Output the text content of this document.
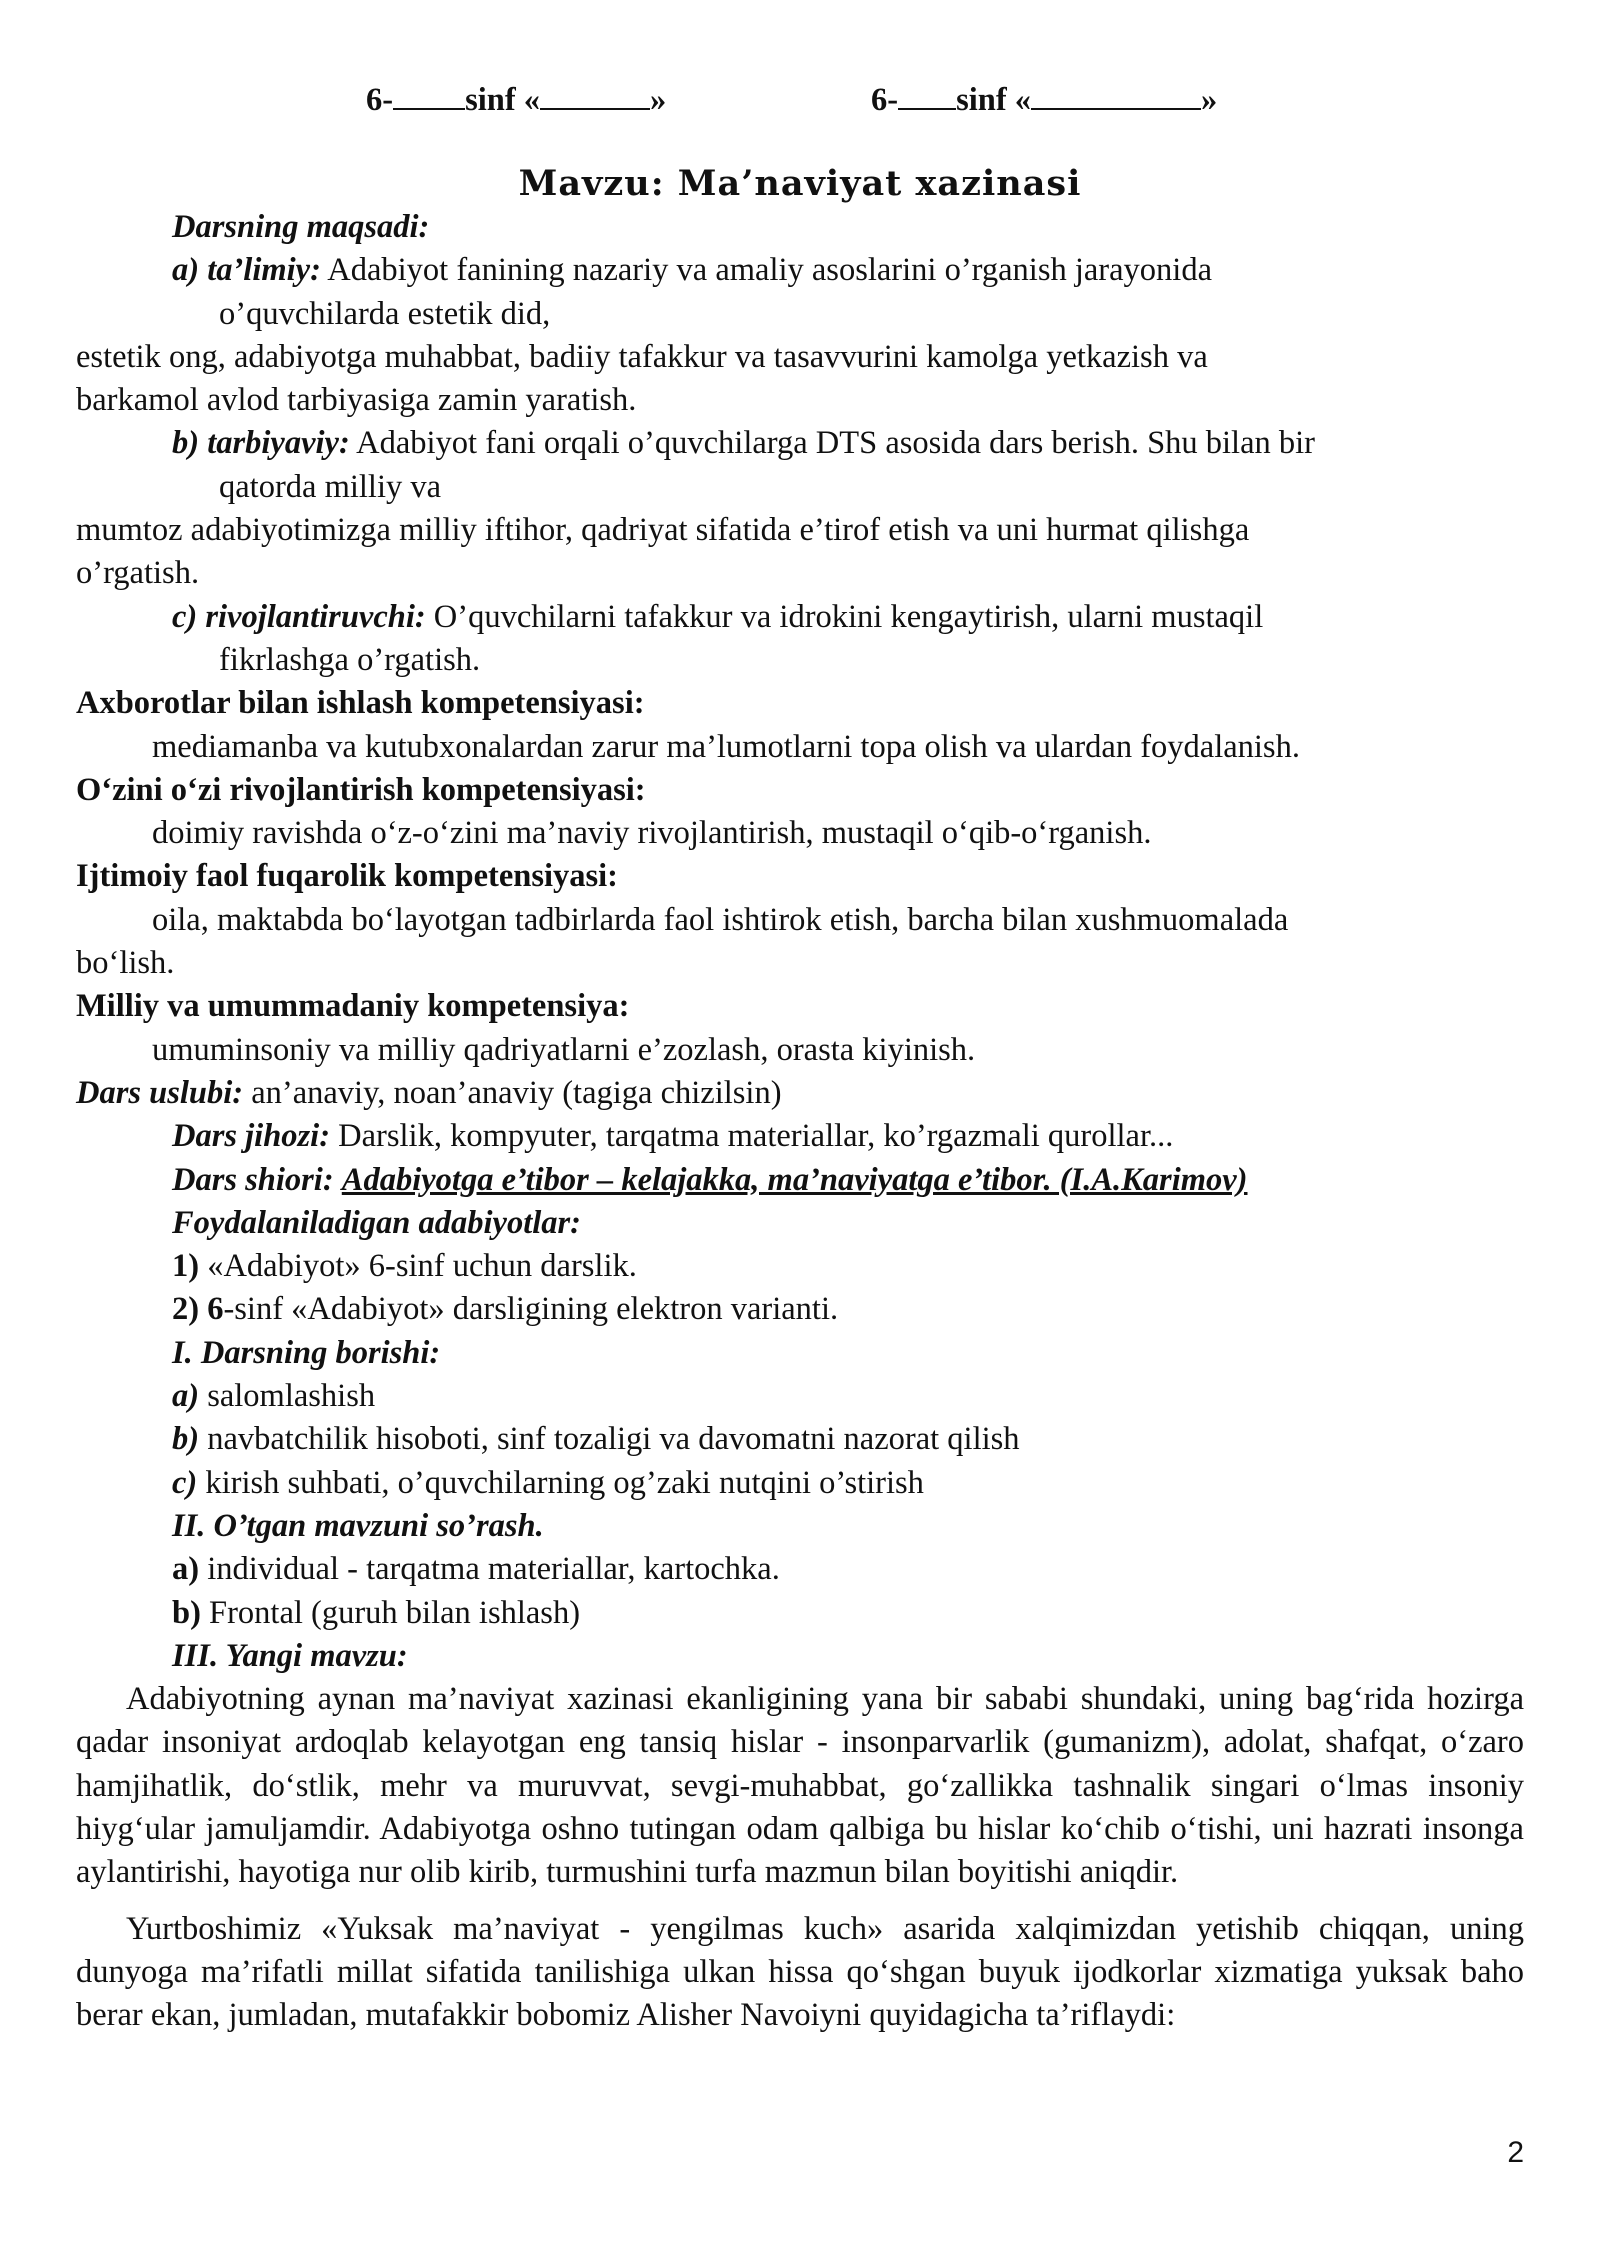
6- sinf «	»	6- sinf «	»
Mavzu: Ma’naviyat xazinasi
Darsning maqsadi:
a) ta’limiy: Adabiyot fanining nazariy va amaliy asoslarini o’rganish jarayonida
o’quvchilarda estetik did,
estetik ong, adabiyotga muhabbat, badiiy tafakkur va tasavvurini kamolga yetkazish va
barkamol avlod tarbiyasiga zamin yaratish.
b) tarbiyaviy: Adabiyot fani orqali o’quvchilarga DTS asosida dars berish. Shu bilan bir
qatorda milliy va
mumtoz adabiyotimizga milliy iftihor, qadriyat sifatida e’tirof etish va uni hurmat qilishga
o’rgatish.
c) rivojlantiruvchi: O’quvchilarni tafakkur va idrokini kengaytirish, ularni mustaqil
fikrlashga o’rgatish.
Axborotlar bilan ishlash kompetensiyasi:
mediamanba va kutubxonalardan zarur ma’lumotlarni topa olish va ulardan foydalanish.
O‘zini o‘zi rivojlantirish kompetensiyasi:
doimiy ravishda o‘z-o‘zini ma’naviy rivojlantirish, mustaqil o‘qib-o‘rganish.
Ijtimoiy faol fuqarolik kompetensiyasi:
oila, maktabda bo‘layotgan tadbirlarda faol ishtirok etish, barcha bilan xushmuomalada
bo‘lish.
Milliy va umummadaniy kompetensiya:
umuminsoniy va milliy qadriyatlarni e’zozlash, orasta kiyinish.
Dars uslubi: an’anaviy, noan’anaviy (tagiga chizilsin)
Dars jihozi: Darslik, kompyuter, tarqatma materiallar, ko’rgazmali qurollar...
Dars shiori: Adabiyotga e’tibor – kelajakka, ma’naviyatga e’tibor. (I.A.Karimov)
Foydalaniladigan adabiyotlar:
1) «Adabiyot» 6-sinf uchun darslik.
2) 6-sinf «Adabiyot» darsligining elektron varianti.
I. Darsning borishi:
a) salomlashish
b) navbatchilik hisoboti, sinf tozaligi va davomatni nazorat qilish
c) kirish suhbati, o’quvchilarning og’zaki nutqini o’stirish
II. O’tgan mavzuni so’rash.
a) individual - tarqatma materiallar, kartochka.
b) Frontal (guruh bilan ishlash)
III. Yangi mavzu:
Adabiyotning aynan ma’naviyat xazinasi ekanligining yana bir sababi shundaki, uning bag‘rida hozirga qadar insoniyat ardoqlab kelayotgan eng tansiq hislar - insonparvarlik (gumanizm), adolat, shafqat, o‘zaro hamjihatlik, do‘stlik, mehr va muruvvat, sevgi-muhabbat, go‘zallikka tashnalik singari o‘lmas insoniy hiyg‘ular jamuljamdir. Adabiyotga oshno tutingan odam qalbiga bu hislar ko‘chib o‘tishi, uni hazrati insonga aylantirishi, hayotiga nur olib kirib, turmushini turfa mazmun bilan boyitishi aniqdir.
Yurtboshimiz «Yuksak ma’naviyat - yengilmas kuch» asarida xalqimizdan yetishib chiqqan, uning dunyoga ma’rifatli millat sifatida tanilishiga ulkan hissa qo‘shgan buyuk ijodkorlar xizmatiga yuksak baho berar ekan, jumladan, mutafakkir bobomiz Alisher Navoiyni quyidagicha ta’riflaydi:
2
